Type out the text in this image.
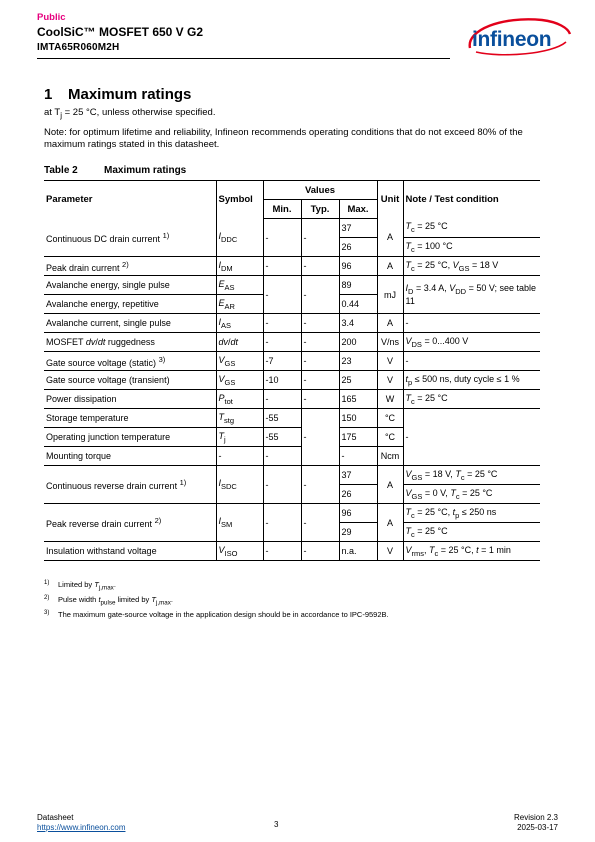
Public
CoolSiC™ MOSFET 650 V G2
IMTA65R060M2H	infineon
1 Maximum ratings
at $T_j = 25$ °C, unless otherwise specified.
Note: for optimum lifetime and reliability, Infineon recommends operating conditions that do not exceed 80% of the maximum ratings stated in this datasheet.
Table 2	Maximum ratings
Parameter	Symbol	Values			Unit	Note / Test condition
		Min.	Typ.	Max.		
Continuous DC drain current $^{1)}$	$I_{DDC}$	-	-	37	A	$T_c = 25$ °C
				26		$T_c = 100$ °C
Peak drain current $^{2)}$	$I_{DM}$	-	-	96	A	$T_c = 25$ °C, $V_{GS} = 18$ V
Avalanche energy, single pulse	$E_{AS}$	-	-	89	mJ	$I_D = 3.4$ A, $V_{DD} = 50$ V; see table 11
Avalanche energy, repetitive	$E_{AR}$			0.44		
Avalanche current, single pulse	$I_{AS}$	-	-	3.4	A	-
MOSFET dv/dt ruggedness	dv/dt	-	-	200	V/ns	$V_{DS} = 0...400$ V
Gate source voltage (static) $^{3)}$	$V_{GS}$	-7	-	23	V	-
Gate source voltage (transient)	$V_{GS}$	-10	-	25	V	$t_p \le 500$ ns, duty cycle ≤ 1 %
Power dissipation	$P_{tot}$	-	-	165	W	$T_c = 25$ °C
Storage temperature	$T_{stg}$	-55	-	150	°C	-
Operating junction temperature	$T_j$	-55		175	°C	
Mounting torque	-	-		-	Ncm	
Continuous reverse drain current $^{1)}$	$I_{SDC}$	-	-	37	A	$V_{GS} = 18$ V, $T_c = 25$ °C
				26		$V_{GS} = 0$ V, $T_c = 25$ °C
Peak reverse drain current $^{2)}$	$I_{SM}$	-	-	96	A	$T_c = 25$ °C, $t_p \le 250$ ns
				29		$T_c = 25$ °C
Insulation withstand voltage	$V_{ISO}$	-	-	n.a.	V	$V_{rms}$, $T_c = 25$ °C, t = 1 min
1) Limited by $T_{j,max}$.
2) Pulse width $t_{pulse}$ limited by $T_{j,max}$.
3) The maximum gate-source voltage in the application design should be in accordance to IPC-9592B.
Datasheet
https://www.infineon.com	3
Revision 2.3
2025-03-17
